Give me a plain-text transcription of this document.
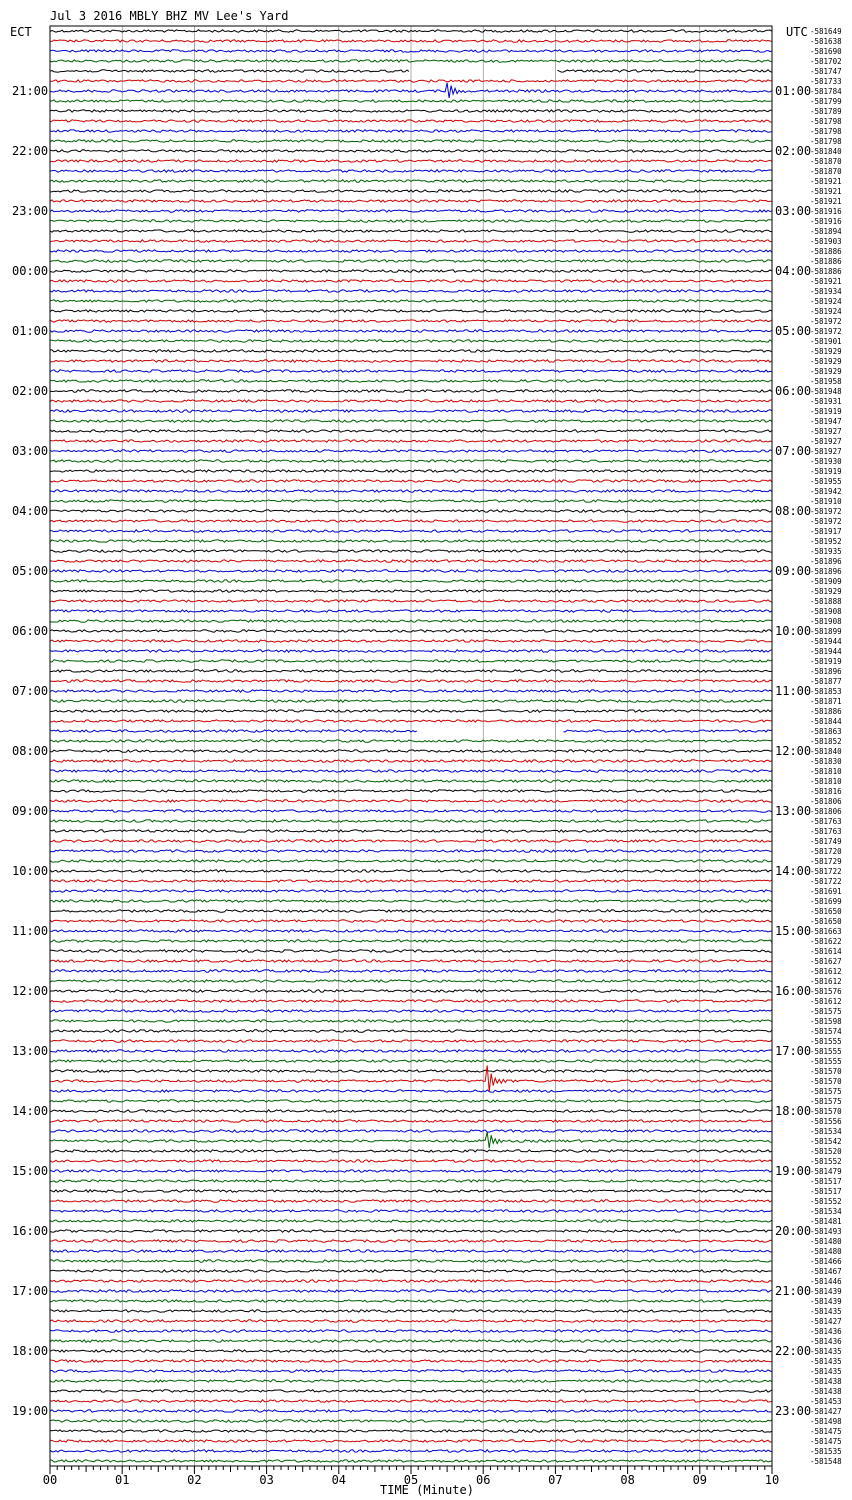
Jul 3 2016 MBLY BHZ MV Lee's Yard
ECT	UTC
21:00
22:00
23:00
00:00
01:00
02:00
03:00
04:00
05:00
06:00
07:00
08:00
09:00
10:00
11:00
12:00
13:00
14:00
15:00
16:00
17:00
18:00
19:00
01:00
02:00
03:00
04:00
05:00
06:00
07:00
08:00
09:00
10:00
11:00
12:00
13:00
14:00
15:00
16:00
17:00
18:00
19:00
20:00
21:00
22:00
23:00
-581649
-581638
-581690
-581702
-581747
-581733
-581784
-581799
-581789
-581798
-581798
-581798
-581840
-581870
-581870
-581921
-581921
-581921
-581916
-581916
-581894
-581903
-581886
-581886
-581886
-581921
-581934
-581924
-581924
-581972
-581972
-581901
-581929
-581929
-581929
-581958
-581948
-581931
-581919
-581947
-581927
-581927
-581927
-581930
-581919
-581955
-581942
-581910
-581972
-581972
-581917
-581952
-581935
-581896
-581896
-581909
-581929
-581888
-581908
-581908
-581899
-581944
-581944
-581919
-581896
-581877
-581853
-581871
-581886
-581844
-581863
-581852
-581840
-581830
-581810
-581810
-581816
-581806
-581806
-581763
-581763
-581749
-581720
-581729
-581722
-581722
-581691
-581699
-581650
-581650
-581663
-581622
-581614
-581627
-581612
-581612
-581576
-581612
-581575
-581598
-581574
-581555
-581555
-581555
-581570
-581570
-581575
-581575
-581570
-581556
-581534
-581542
-581520
-581552
-581479
-581517
-581517
-581552
-581534
-581481
-581493
-581480
-581480
-581466
-581467
-581446
-581439
-581439
-581435
-581427
-581436
-581436
-581435
-581435
-581435
-581438
-581438
-581453
-581427
-581498
-581475
-581475
-581535
-581548
00	01	02	03	04	05	06	07	08	09	10
TIME (Minute)
